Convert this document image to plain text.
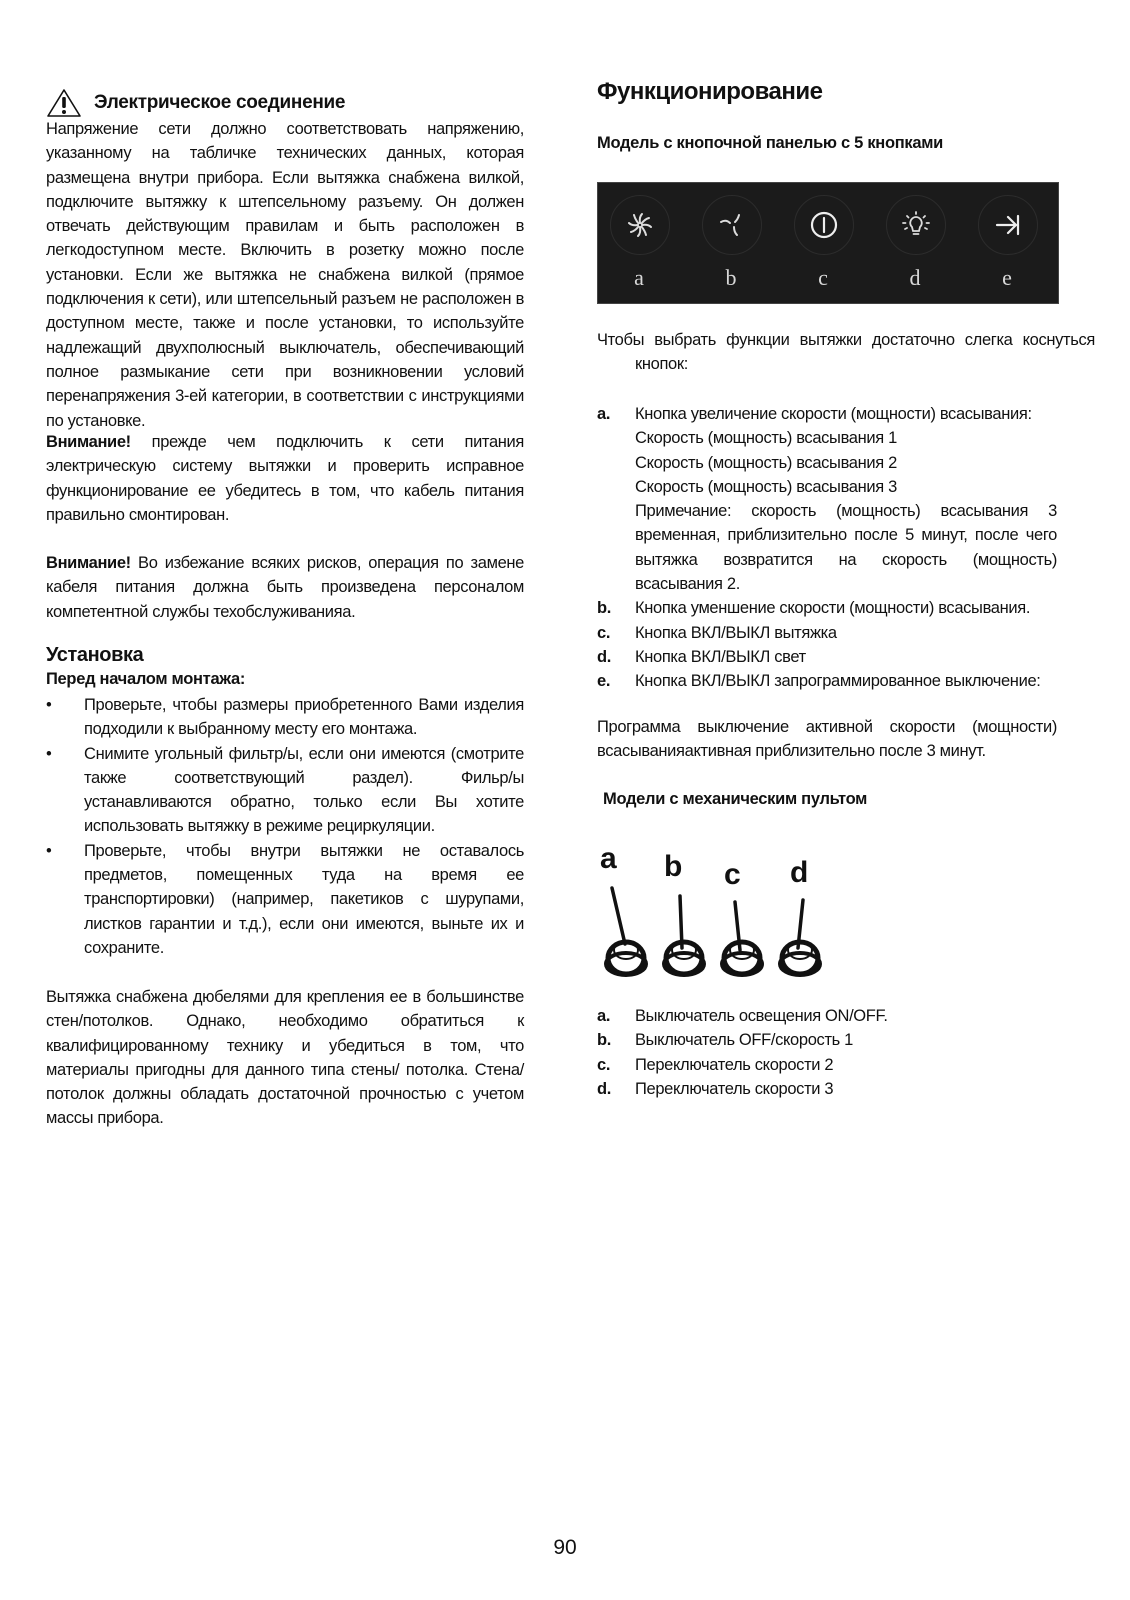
Электрическое соединение

Напряжение сети должно соответствовать напряжению, указанному на табличке технических данных, которая размещена внутри прибора. Если вытяжка снабжена вилкой, подключите вытяжку к штепсельному разъему. Он должен отвечать действующим правилам и быть расположен в легкодоступном месте. Включить в розетку можно после установки. Если же вытяжка не снабжена вилкой (прямое подключения к сети), или штепсельный разъем не расположен в доступном месте, также и после установки, то используйте надлежащий двухполюсный выключатель, обеспечивающий полное размыкание сети при возникновении условий перенапряжения 3-ей категории, в соответствии с инструкциями по установке.

Внимание! прежде чем подключить к сети питания электрическую систему вытяжки и проверить исправное функционирование ее убедитесь в том, что кабель питания правильно смонтирован.

Внимание! Во избежание всяких рисков, операция по замене кабеля питания должна быть произведена персоналом компетентной службы техобслуживанияа.

Установка
Перед началом монтажа:
• Проверьте, чтобы размеры приобретенного Вами изделия подходили к выбранному месту его монтажа.
• Снимите угольный фильтр/ы, если они имеются (смотрите также соответствующий раздел). Фильр/ы устанавливаются обратно, только если Вы хотите использовать вытяжку в режиме рециркуляции.
• Проверьте, чтобы внутри вытяжки не оставалось предметов, помещенных туда на время ее транспортировки) (например, пакетиков с шурупами, листков гарантии и т.д.), если они имеются, выньте их и сохраните.

Вытяжка снабжена дюбелями для крепления ее в большинстве стен/потолков. Однако, необходимо обратиться к квалифицированному технику и убедиться в том, что материалы пригодны для данного типа стены/ потолка. Стена/потолок должны обладать достаточной прочностью с учетом массы прибора.

Функционирование
Модель с кнопочной панелью с 5 кнопками
a	b	c	d	e

Чтобы выбрать функции вытяжки достаточно слегка коснуться кнопок:

a. Кнопка увеличение скорости (мощности) всасывания:
Скорость (мощность) всасывания 1
Скорость (мощность) всасывания 2
Скорость (мощность) всасывания 3
Примечание: скорость (мощность) всасывания 3 временная, приблизительно после 5 минут, после чего вытяжка возвратится на скорость (мощность) всасывания 2.
b. Кнопка уменшение скорости (мощности) всасывания.
c. Кнопка ВКЛ/ВЫКЛ вытяжка
d. Кнопка ВКЛ/ВЫКЛ свет
e. Кнопка ВКЛ/ВЫКЛ запрограммированное выключение:

Программа выключение активной скорости (мощности) всасыванияактивная приблизительно после 3 минут.

Модели с механическим пультом
a b c d
a. Выключатель освещения ON/OFF.
b. Выключатель OFF/скорость 1
c. Переключатель скорости 2
d. Переключатель скорости 3
90
